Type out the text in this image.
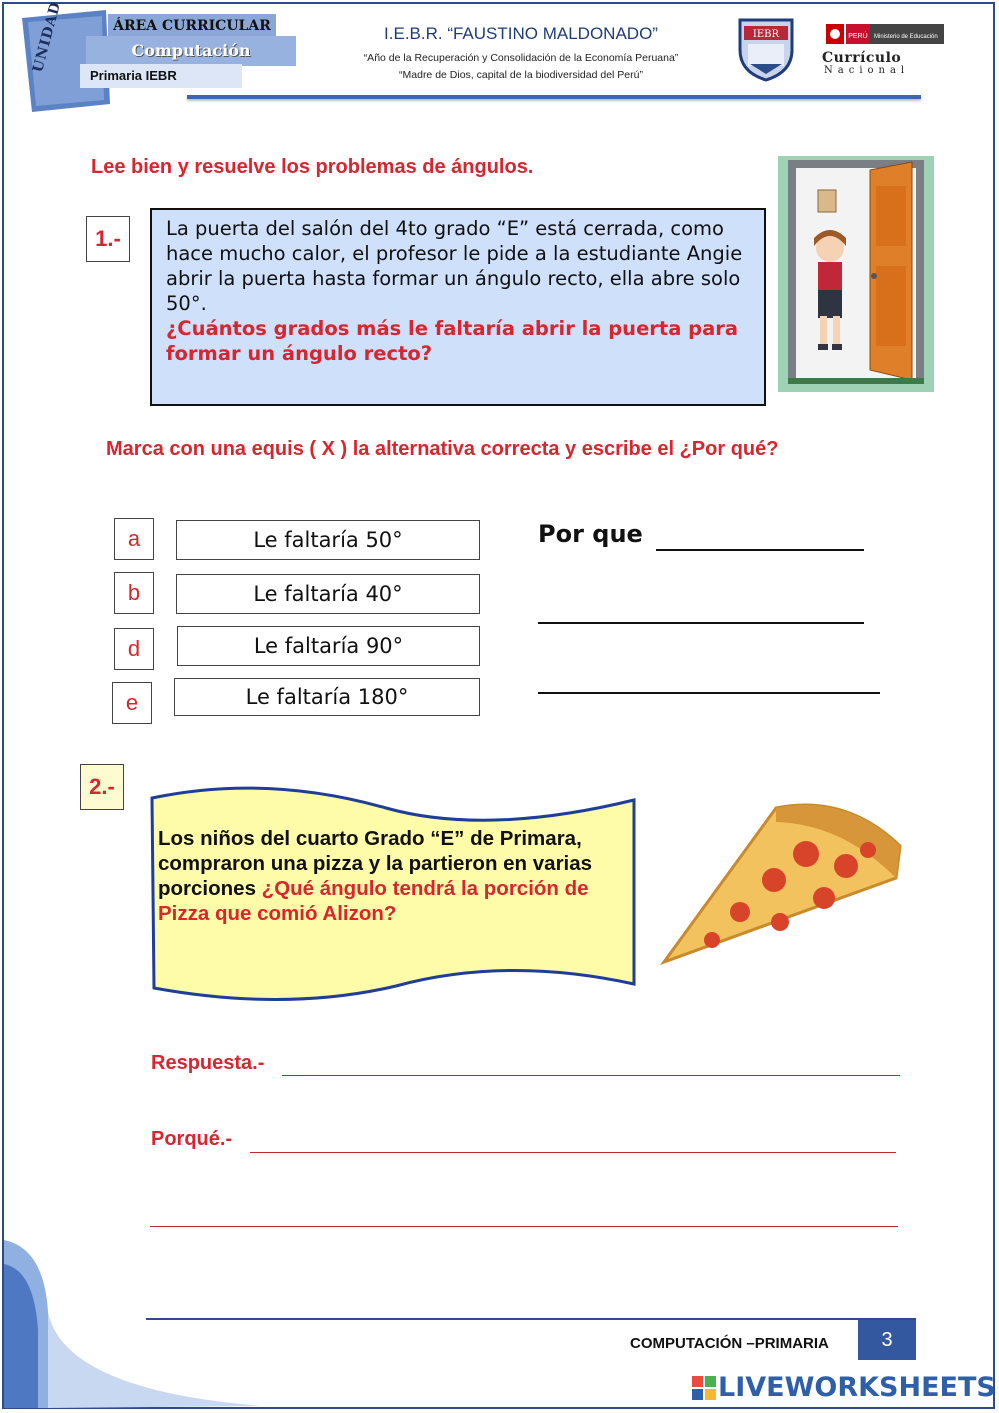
UNIDAD	ÁREA CURRICULAR
Computación
Primaria IEBR
I.E.B.R. “FAUSTINO MALDONADO”
“Año de la Recuperación y Consolidación de la Economía Peruana”
“Madre de Dios, capital de la biodiversidad del Perú”
IEBR	PERÚ Ministerio de Educación
Currículo
Nacional
Lee bien y resuelve los problemas de ángulos.
1.-	La puerta del salón del 4to grado “E” está cerrada, como hace mucho calor, el profesor le pide a la estudiante Angie abrir la puerta hasta formar un ángulo recto, ella abre solo 50°.
¿Cuántos grados más le faltaría abrir la puerta para formar un ángulo recto?
Marca con una equis ( X ) la alternativa correcta y escribe el ¿Por qué?
a	Le faltaría 50°
b	Le faltaría 40°
d	Le faltaría 90°
e	Le faltaría 180°
Por que
2.-
Los niños del cuarto Grado “E” de Primara, compraron una pizza y la partieron en varias porciones ¿Qué ángulo tendrá la porción de Pizza que comió Alizon?
Respuesta.-
Porqué.-
COMPUTACIÓN –PRIMARIA	3
LIVEWORKSHEETS
